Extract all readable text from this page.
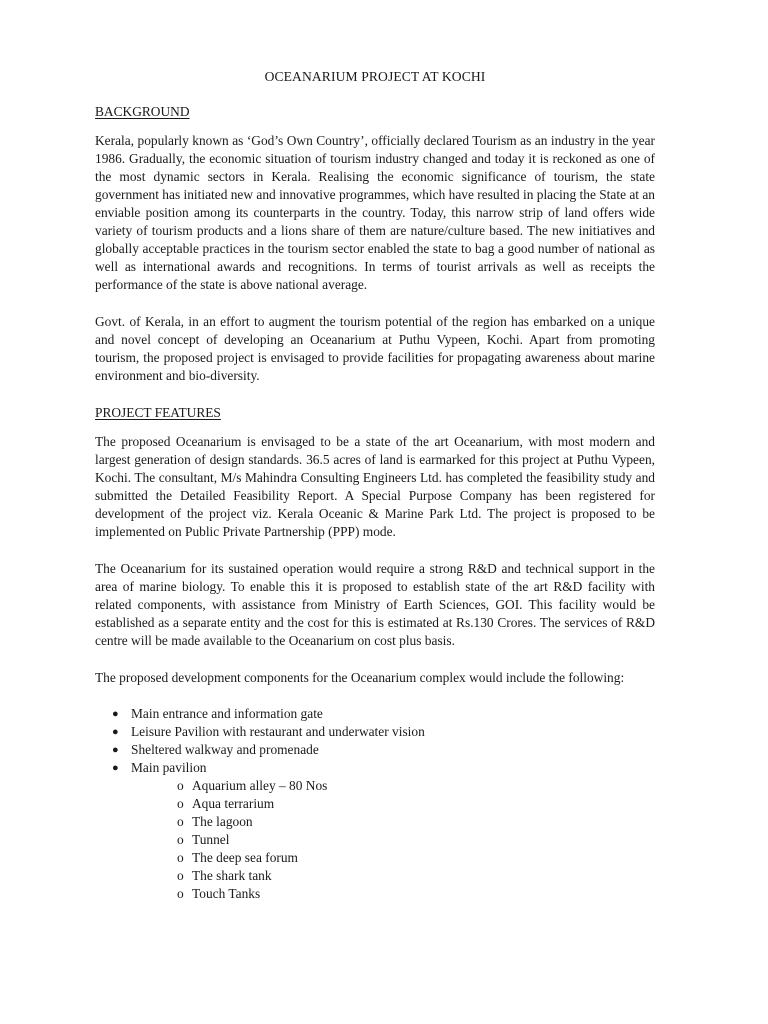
OCEANARIUM PROJECT AT KOCHI
BACKGROUND

Kerala, popularly known as ‘God’s Own Country’, officially declared Tourism as an industry in the year 1986. Gradually, the economic situation of tourism industry changed and today it is reckoned as one of the most dynamic sectors in Kerala. Realising the economic significance of tourism, the state government has initiated new and innovative programmes, which have resulted in placing the State at an enviable position among its counterparts in the country. Today, this narrow strip of land offers wide variety of tourism products and a lions share of them are nature/culture based. The new initiatives and globally acceptable practices in the tourism sector enabled the state to bag a good number of national as well as international awards and recognitions. In terms of tourist arrivals as well as receipts the performance of the state is above national average.

Govt. of Kerala, in an effort to augment the tourism potential of the region has embarked on a unique and novel concept of developing an Oceanarium at Puthu Vypeen, Kochi. Apart from promoting tourism, the proposed project is envisaged to provide facilities for propagating awareness about marine environment and bio-diversity.

PROJECT FEATURES

The proposed Oceanarium is envisaged to be a state of the art Oceanarium, with most modern and largest generation of design standards. 36.5 acres of land is earmarked for this project at Puthu Vypeen, Kochi. The consultant, M/s Mahindra Consulting Engineers Ltd. has completed the feasibility study and submitted the Detailed Feasibility Report. A Special Purpose Company has been registered for development of the project viz. Kerala Oceanic & Marine Park Ltd. The project is proposed to be implemented on Public Private Partnership (PPP) mode.

The Oceanarium for its sustained operation would require a strong R&D and technical support in the area of marine biology. To enable this it is proposed to establish state of the art R&D facility with related components, with assistance from Ministry of Earth Sciences, GOI. This facility would be established as a separate entity and the cost for this is estimated at Rs.130 Crores. The services of R&D centre will be made available to the Oceanarium on cost plus basis.

The proposed development components for the Oceanarium complex would include the following:

● Main entrance and information gate
● Leisure Pavilion with restaurant and underwater vision
● Sheltered walkway and promenade
● Main pavilion
o Aquarium alley – 80 Nos
o Aqua terrarium
o The lagoon
o Tunnel
o The deep sea forum
o The shark tank
o Touch Tanks
